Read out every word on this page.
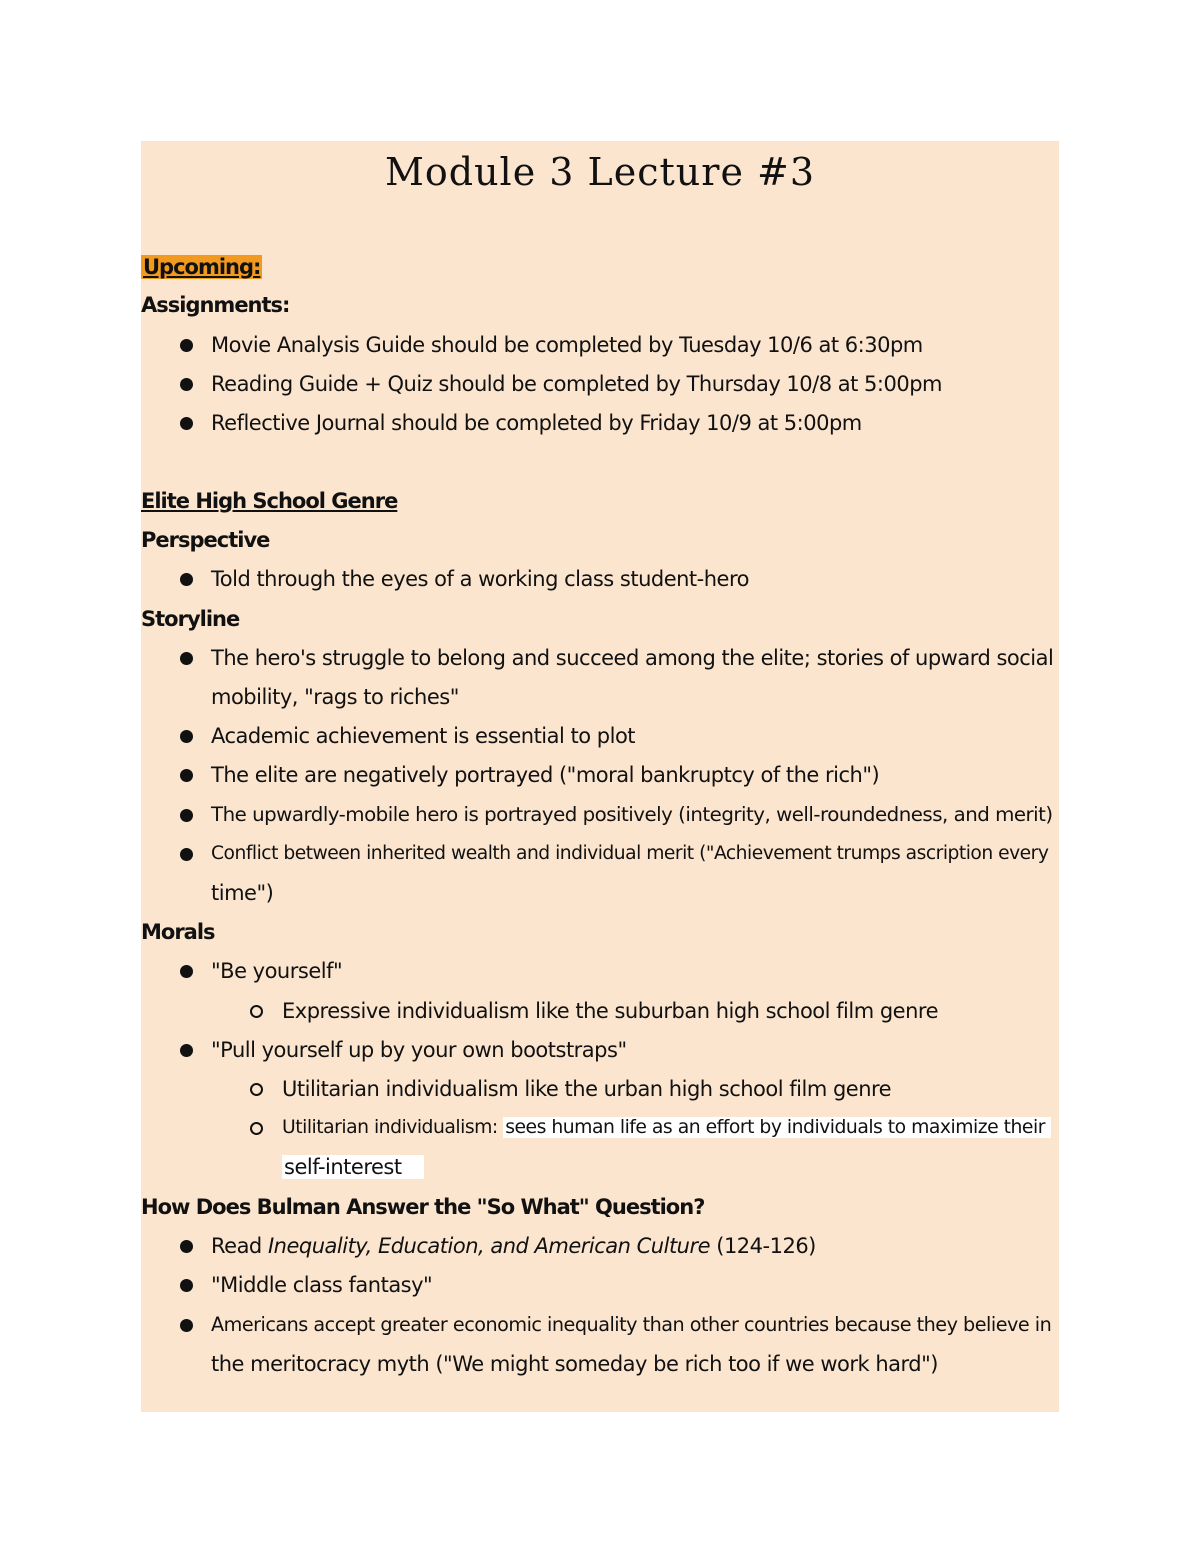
Module 3 Lecture #3
Upcoming:
Assignments:
Movie Analysis Guide should be completed by Tuesday 10/6 at 6:30pm
Reading Guide + Quiz should be completed by Thursday 10/8 at 5:00pm
Reflective Journal should be completed by Friday 10/9 at 5:00pm
Elite High School Genre
Perspective
Told through the eyes of a working class student-hero
Storyline
The hero's struggle to belong and succeed among the elite; stories of upward social
mobility, "rags to riches"
Academic achievement is essential to plot
The elite are negatively portrayed ("moral bankruptcy of the rich")
The upwardly-mobile hero is portrayed positively (integrity, well-roundedness, and merit)
Conflict between inherited wealth and individual merit ("Achievement trumps ascription every
time")
Morals
"Be yourself"
Expressive individualism like the suburban high school film genre
"Pull yourself up by your own bootstraps"
Utilitarian individualism like the urban high school film genre
Utilitarian individualism: sees human life as an effort by individuals to maximize their
self-interest
How Does Bulman Answer the "So What" Question?
Read Inequality, Education, and American Culture (124-126)
"Middle class fantasy"
Americans accept greater economic inequality than other countries because they believe in
the meritocracy myth ("We might someday be rich too if we work hard")
